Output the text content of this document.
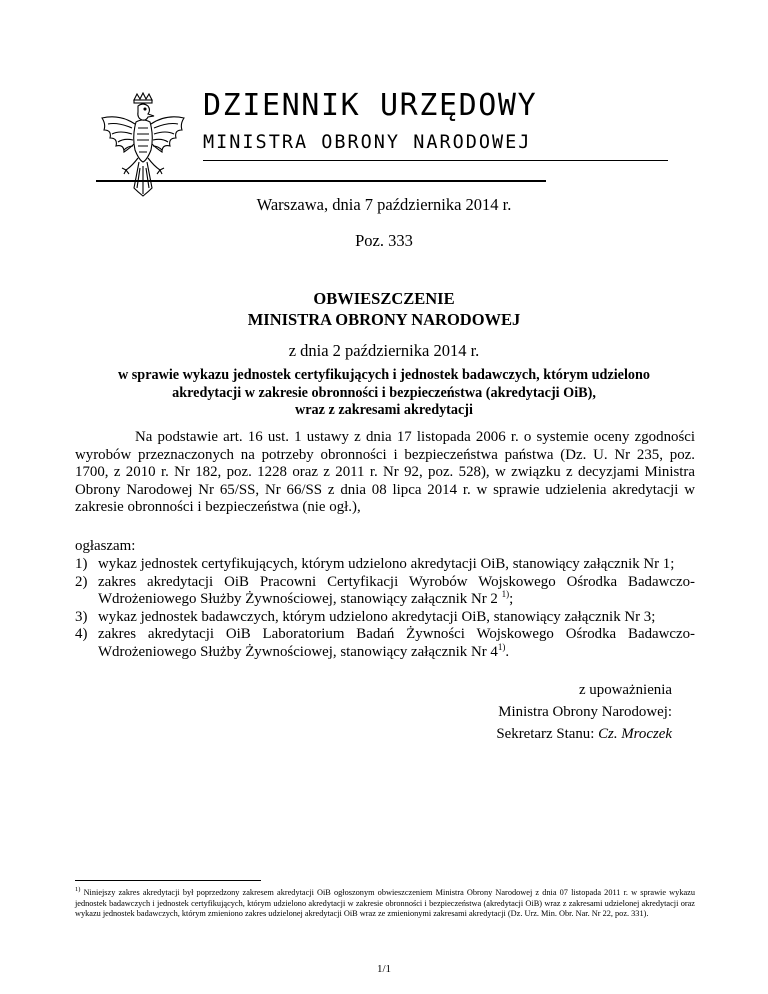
DZIENNIK URZĘDOWY
MINISTRA OBRONY NARODOWEJ
Warszawa, dnia 7 października 2014 r.
Poz. 333
OBWIESZCZENIE
MINISTRA OBRONY NARODOWEJ
z dnia 2 października 2014 r.
w sprawie wykazu jednostek certyfikujących i jednostek badawczych, którym udzielono
akredytacji w zakresie obronności i bezpieczeństwa (akredytacji OiB),
wraz z zakresami akredytacji
Na podstawie art. 16 ust. 1 ustawy z dnia 17 listopada 2006 r. o systemie oceny zgodności wyrobów przeznaczonych na potrzeby obronności i bezpieczeństwa państwa (Dz. U. Nr 235, poz. 1700, z 2010 r. Nr 182, poz. 1228 oraz z 2011 r. Nr 92, poz. 528), w związku z decyzjami Ministra Obrony Narodowej Nr 65/SS, Nr 66/SS z dnia 08 lipca 2014 r. w sprawie udzielenia akredytacji w zakresie obronności i bezpieczeństwa (nie ogł.),
ogłaszam:
1) wykaz jednostek certyfikujących, którym udzielono akredytacji OiB, stanowiący załącznik Nr 1;
2) zakres akredytacji OiB Pracowni Certyfikacji Wyrobów Wojskowego Ośrodka Badawczo-Wdrożeniowego Służby Żywnościowej, stanowiący załącznik Nr 2 $^{1)}$;
3) wykaz jednostek badawczych, którym udzielono akredytacji OiB, stanowiący załącznik Nr 3;
4) zakres akredytacji OiB Laboratorium Badań Żywności Wojskowego Ośrodka Badawczo-Wdrożeniowego Służby Żywnościowej, stanowiący załącznik Nr 4$^{1)}$.
z upoważnienia
Ministra Obrony Narodowej:
Sekretarz Stanu: Cz. Mroczek
$^{1)}$ Niniejszy zakres akredytacji był poprzedzony zakresem akredytacji OiB ogłoszonym obwieszczeniem Ministra Obrony Narodowej z dnia 07 listopada 2011 r. w sprawie wykazu jednostek badawczych i jednostek certyfikujących, którym udzielono akredytacji w zakresie obronności i bezpieczeństwa (akredytacji OiB) wraz z zakresami udzielonej akredytacji oraz wykazu jednostek badawczych, którym zmieniono zakres udzielonej akredytacji OiB wraz ze zmienionymi zakresami akredytacji (Dz. Urz. Min. Obr. Nar. Nr 22, poz. 331).
1/1
